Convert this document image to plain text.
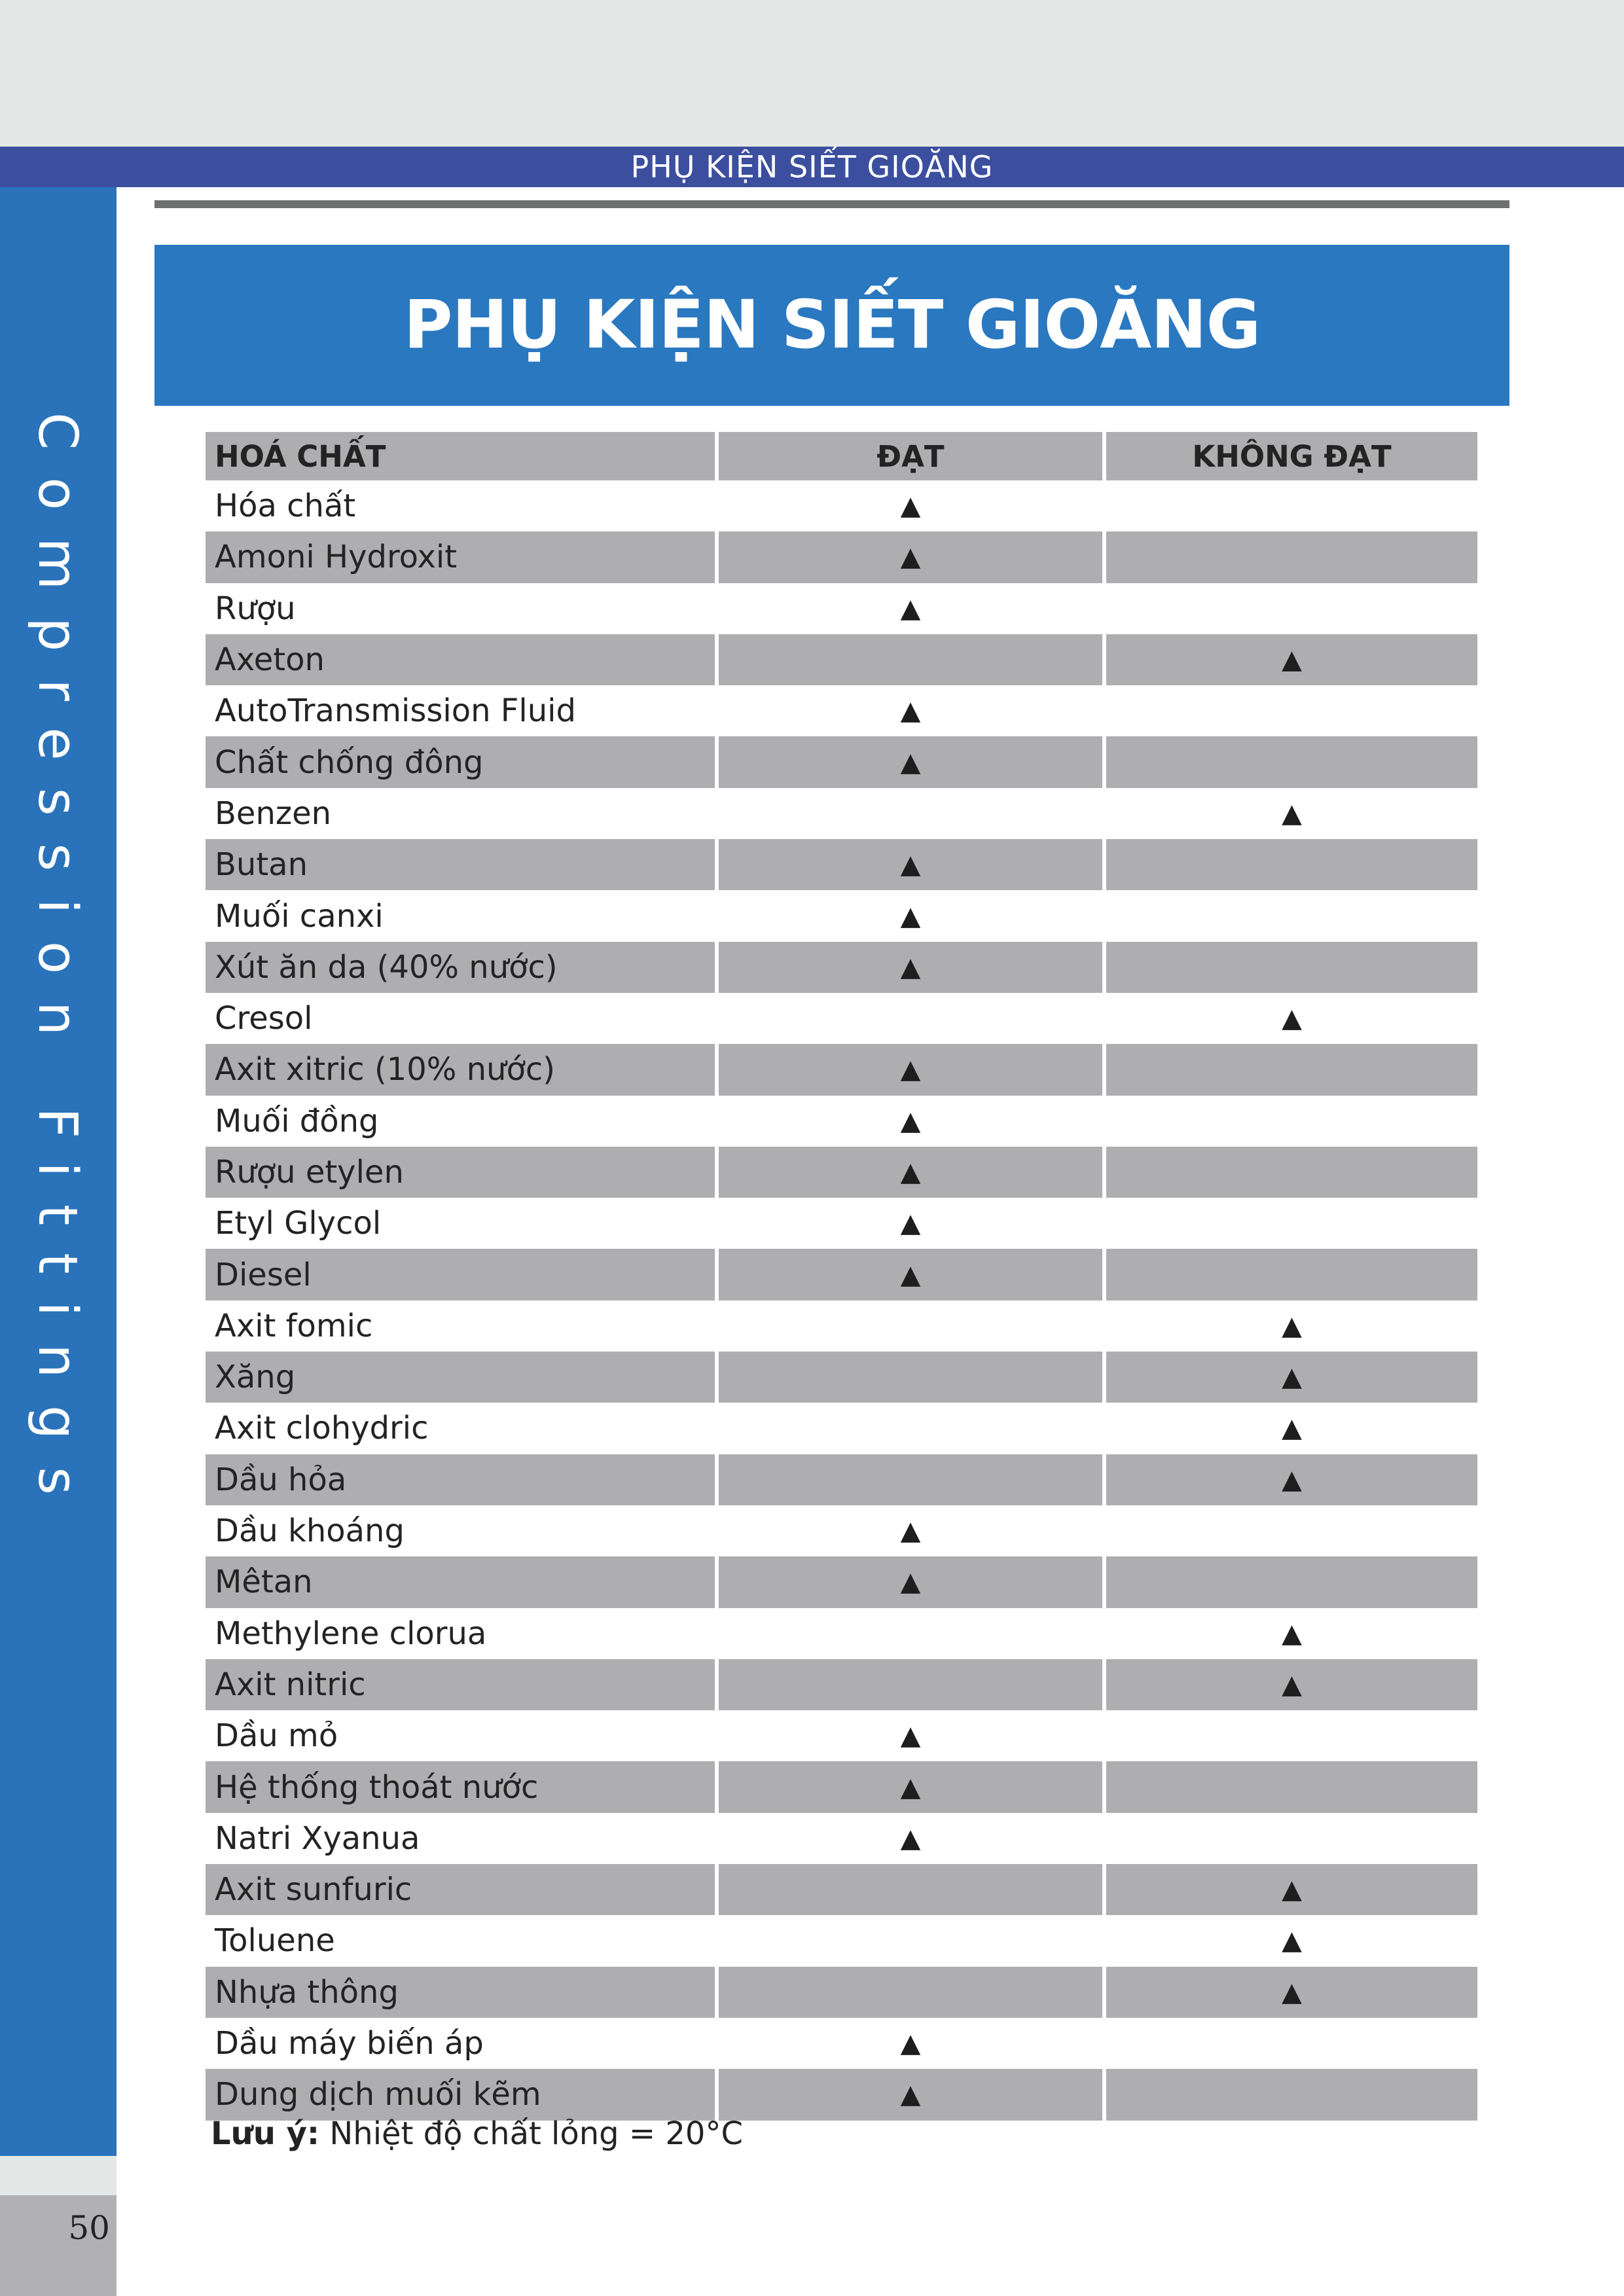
PHỤ KIỆN SIẾT GIOĂNG
Compression Fittings
50
PHỤ KIỆN SIẾT GIOĂNG
HOÁ CHẤT	ĐẠT	KHÔNG ĐẠT
Hóa chất	▲	
Amoni Hydroxit	▲	
Rượu	▲	
Axeton		▲
AutoTransmission Fluid	▲	
Chất chống đông	▲	
Benzen		▲
Butan	▲	
Muối canxi	▲	
Xút ăn da (40% nước)	▲	
Cresol		▲
Axit xitric (10% nước)	▲	
Muối đồng	▲	
Rượu etylen	▲	
Etyl Glycol	▲	
Diesel	▲	
Axit fomic		▲
Xăng		▲
Axit clohydric		▲
Dầu hỏa		▲
Dầu khoáng	▲	
Mêtan	▲	
Methylene clorua		▲
Axit nitric		▲
Dầu mỏ	▲	
Hệ thống thoát nước	▲	
Natri Xyanua	▲	
Axit sunfuric		▲
Toluene		▲
Nhựa thông		▲
Dầu máy biến áp	▲	
Dung dịch muối kẽm	▲	
Lưu ý: Nhiệt độ chất lỏng = 20°C
